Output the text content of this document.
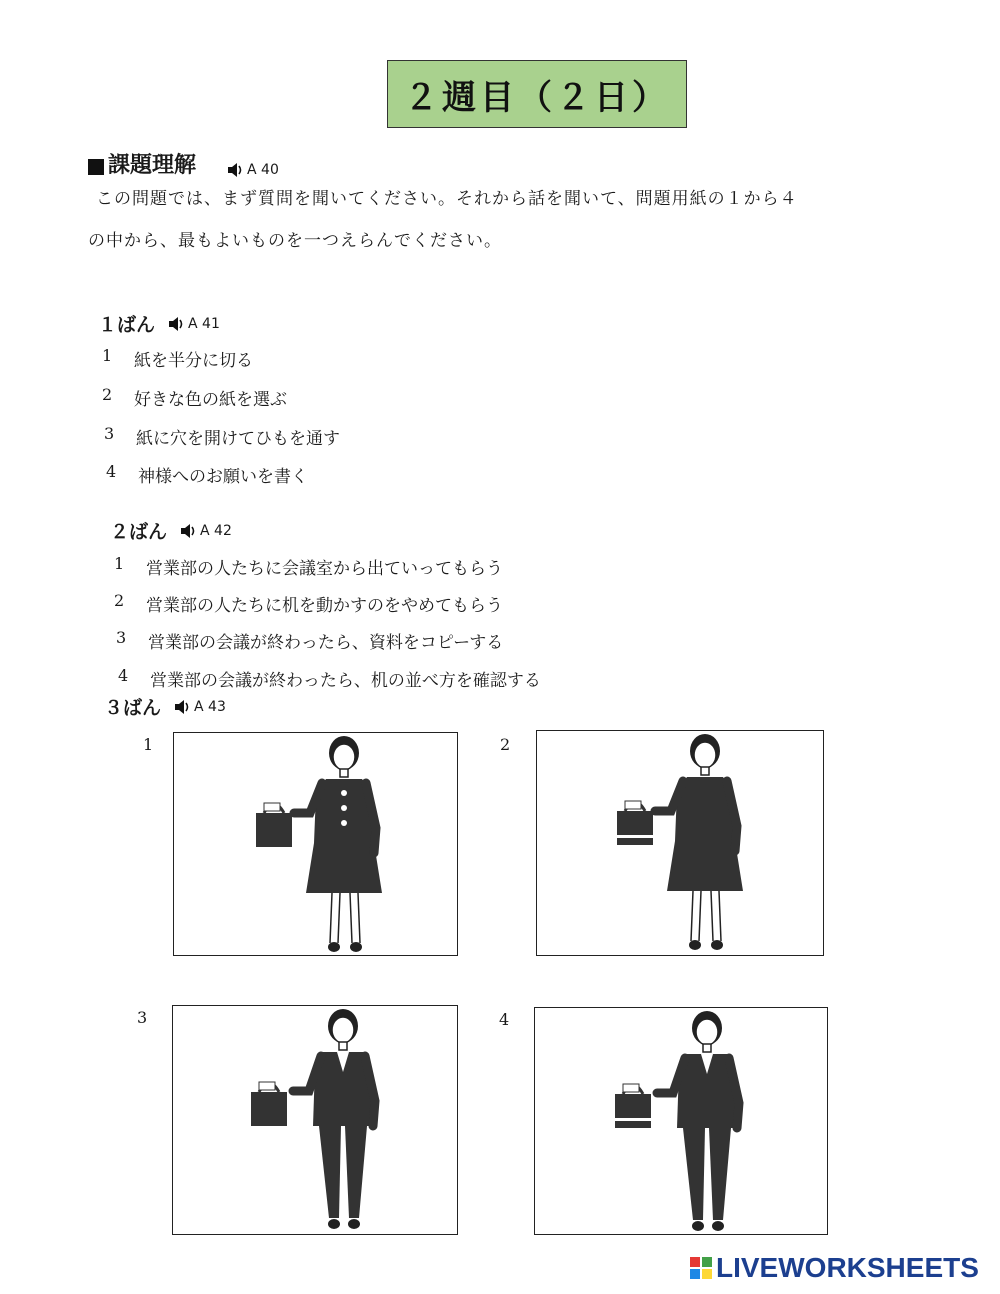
２週目（２日）
課題理解	A 40
この問題では、まず質問を聞いてください。それから話を聞いて、問題用紙の１から４
の中から、最もよいものを一つえらんでください。
１ばん A 41
1	紙を半分に切る
2	好きな色の紙を選ぶ
3	紙に穴を開けてひもを通す
4	神様へのお願いを書く
２ばん A 42
1	営業部の人たちに会議室から出ていってもらう
2	営業部の人たちに机を動かすのをやめてもらう
3	営業部の会議が終わったら、資料をコピーする
4	営業部の会議が終わったら、机の並べ方を確認する
３ばん A 43
1	2
3	4
LIVEWORKSHEETS
